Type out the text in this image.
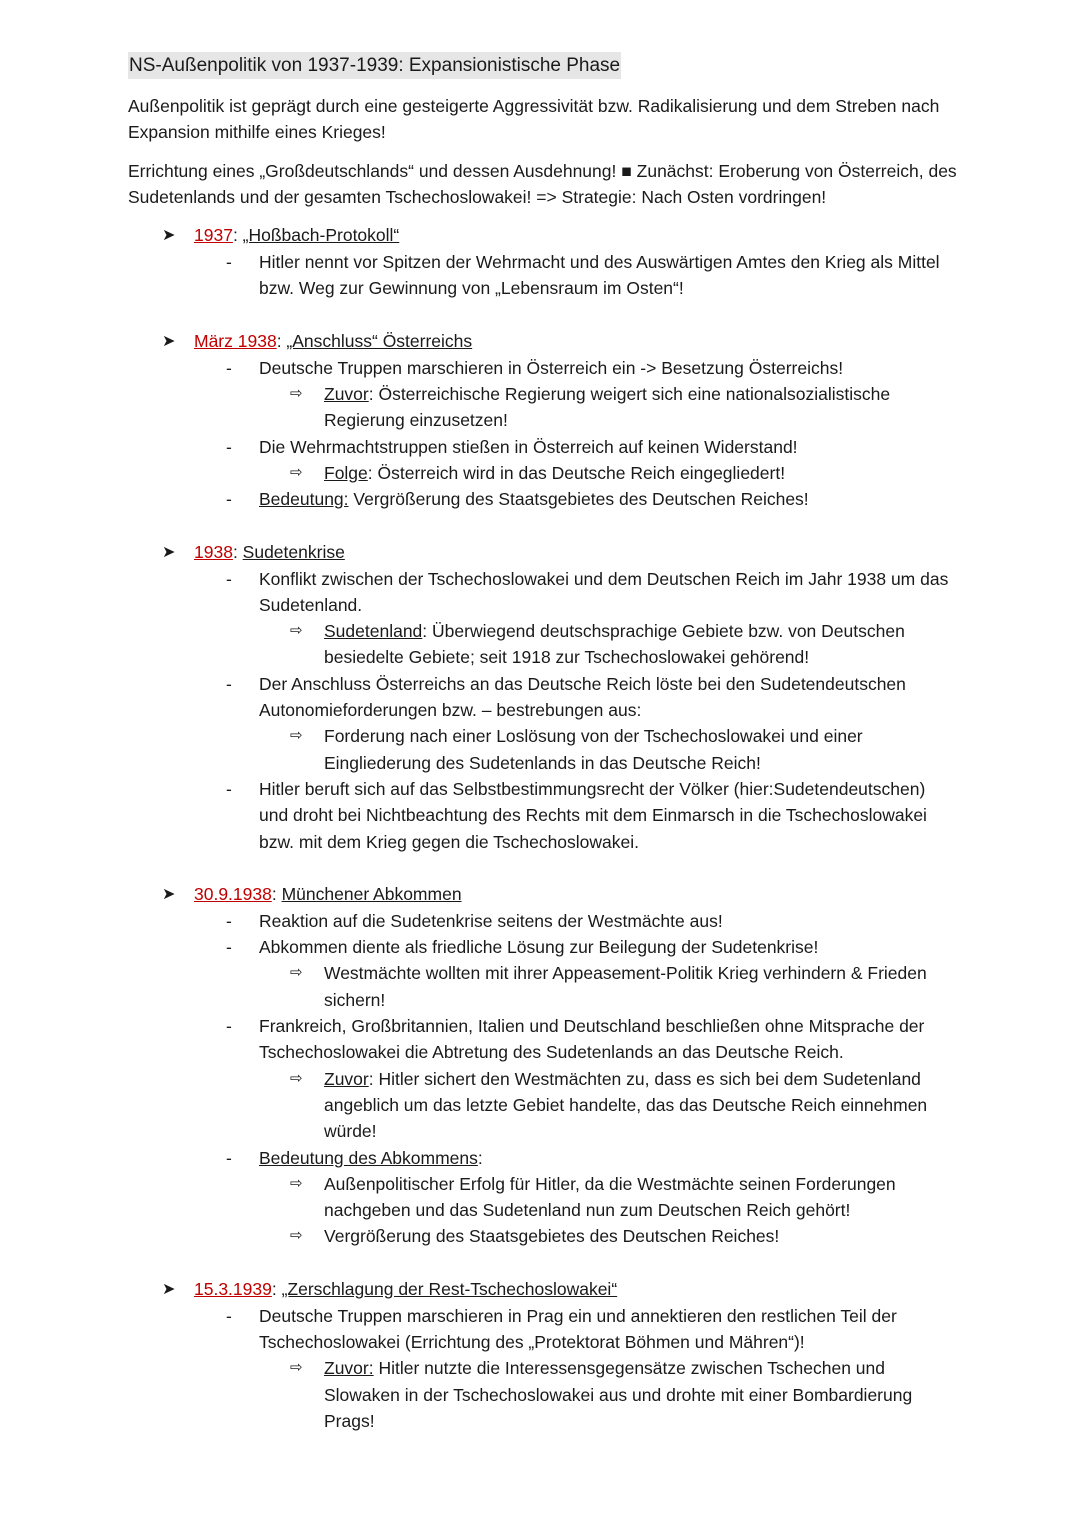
NS-Außenpolitik von 1937-1939: Expansionistische Phase

Außenpolitik ist geprägt durch eine gesteigerte Aggressivität bzw. Radikalisierung und dem Streben nach Expansion mithilfe eines Krieges!

Errichtung eines „Großdeutschlands“ und dessen Ausdehnung! ■ Zunächst: Eroberung von Österreich, des Sudetenlands und der gesamten Tschechoslowakei! => Strategie: Nach Osten vordringen!

➤ 1937: „Hoßbach-Protokoll“
- Hitler nennt vor Spitzen der Wehrmacht und des Auswärtigen Amtes den Krieg als Mittel bzw. Weg zur Gewinnung von „Lebensraum im Osten“!
➤ März 1938: „Anschluss“ Österreichs
- Deutsche Truppen marschieren in Österreich ein -> Besetzung Österreichs!
⇨ Zuvor: Österreichische Regierung weigert sich eine nationalsozialistische Regierung einzusetzen!
- Die Wehrmachtstruppen stießen in Österreich auf keinen Widerstand!
⇨ Folge: Österreich wird in das Deutsche Reich eingegliedert!
- Bedeutung: Vergrößerung des Staatsgebietes des Deutschen Reiches!
➤ 1938: Sudetenkrise
- Konflikt zwischen der Tschechoslowakei und dem Deutschen Reich im Jahr 1938 um das Sudetenland.
⇨ Sudetenland: Überwiegend deutschsprachige Gebiete bzw. von Deutschen besiedelte Gebiete; seit 1918 zur Tschechoslowakei gehörend!
- Der Anschluss Österreichs an das Deutsche Reich löste bei den Sudetendeutschen Autonomieforderungen bzw. – bestrebungen aus:
⇨ Forderung nach einer Loslösung von der Tschechoslowakei und einer Eingliederung des Sudetenlands in das Deutsche Reich!
- Hitler beruft sich auf das Selbstbestimmungsrecht der Völker (hier:Sudetendeutschen) und droht bei Nichtbeachtung des Rechts mit dem Einmarsch in die Tschechoslowakei bzw. mit dem Krieg gegen die Tschechoslowakei.
➤ 30.9.1938: Münchener Abkommen
- Reaktion auf die Sudetenkrise seitens der Westmächte aus!
- Abkommen diente als friedliche Lösung zur Beilegung der Sudetenkrise!
⇨ Westmächte wollten mit ihrer Appeasement-Politik Krieg verhindern & Frieden sichern!
- Frankreich, Großbritannien, Italien und Deutschland beschließen ohne Mitsprache der Tschechoslowakei die Abtretung des Sudetenlands an das Deutsche Reich.
⇨ Zuvor: Hitler sichert den Westmächten zu, dass es sich bei dem Sudetenland angeblich um das letzte Gebiet handelte, das das Deutsche Reich einnehmen würde!
- Bedeutung des Abkommens:
⇨ Außenpolitischer Erfolg für Hitler, da die Westmächte seinen Forderungen nachgeben und das Sudetenland nun zum Deutschen Reich gehört!
⇨ Vergrößerung des Staatsgebietes des Deutschen Reiches!
➤ 15.3.1939: „Zerschlagung der Rest-Tschechoslowakei“
- Deutsche Truppen marschieren in Prag ein und annektieren den restlichen Teil der Tschechoslowakei (Errichtung des „Protektorat Böhmen und Mähren“)!
⇨ Zuvor: Hitler nutzte die Interessensgegensätze zwischen Tschechen und Slowaken in der Tschechoslowakei aus und drohte mit einer Bombardierung Prags!
